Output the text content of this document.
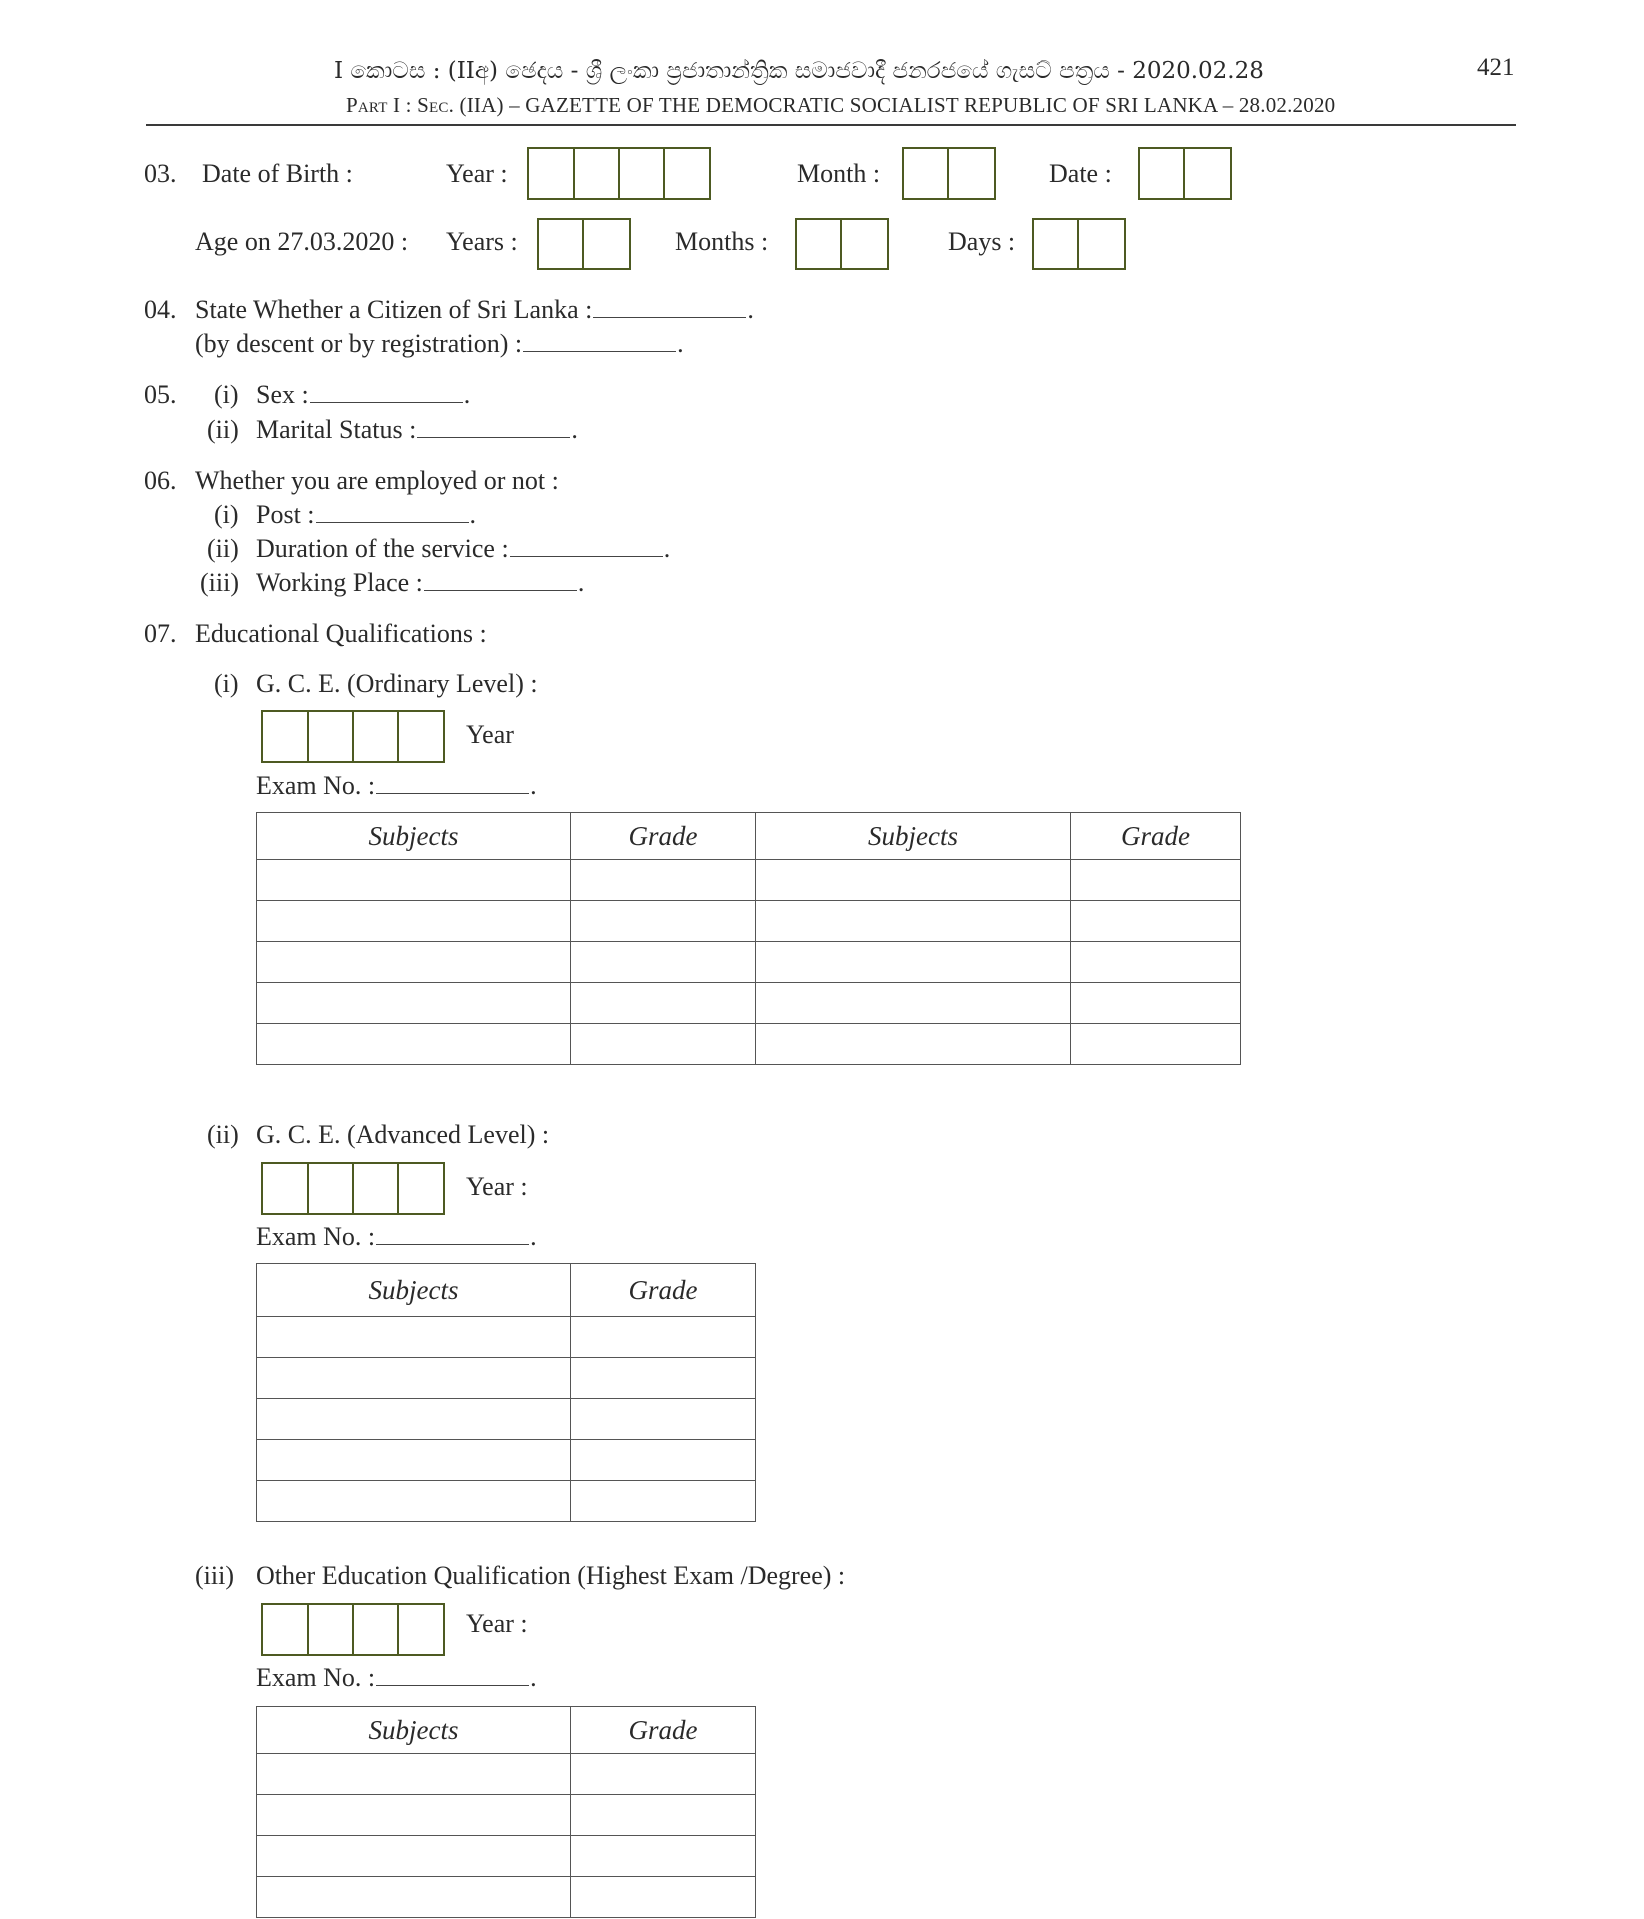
I කොටස : (IIඅ) ඡෙදය - ශ්‍රී ලංකා ප්‍රජාතාන්ත්‍රික සමාජවාදී ජනරජයේ ගැසට් පත්‍රය - 2020.02.28	421
Part I : Sec. (IIA) – GAZETTE OF THE DEMOCRATIC SOCIALIST REPUBLIC OF SRI LANKA – 28.02.2020
03. Date of Birth :	Year :	Month :	Date :
Age on 27.03.2020 : Years :	Months :	Days :
04. State Whether a Citizen of Sri Lanka :	.
(by descent or by registration) :	.
05. (i) Sex :	.
(ii) Marital Status :	.
06. Whether you are employed or not :
(i) Post :	.
(ii) Duration of the service :	.
(iii) Working Place :	.
07. Educational Qualifications :
(i) G. C. E. (Ordinary Level) :
Year
Exam No. :	.
Subjects	Grade	Subjects	Grade

(ii) G. C. E. (Advanced Level) :
Year :
Exam No. :	.
Subjects	Grade

(iii) Other Education Qualification (Highest Exam /Degree) :
Year :
Exam No. :	.
Subjects	Grade
